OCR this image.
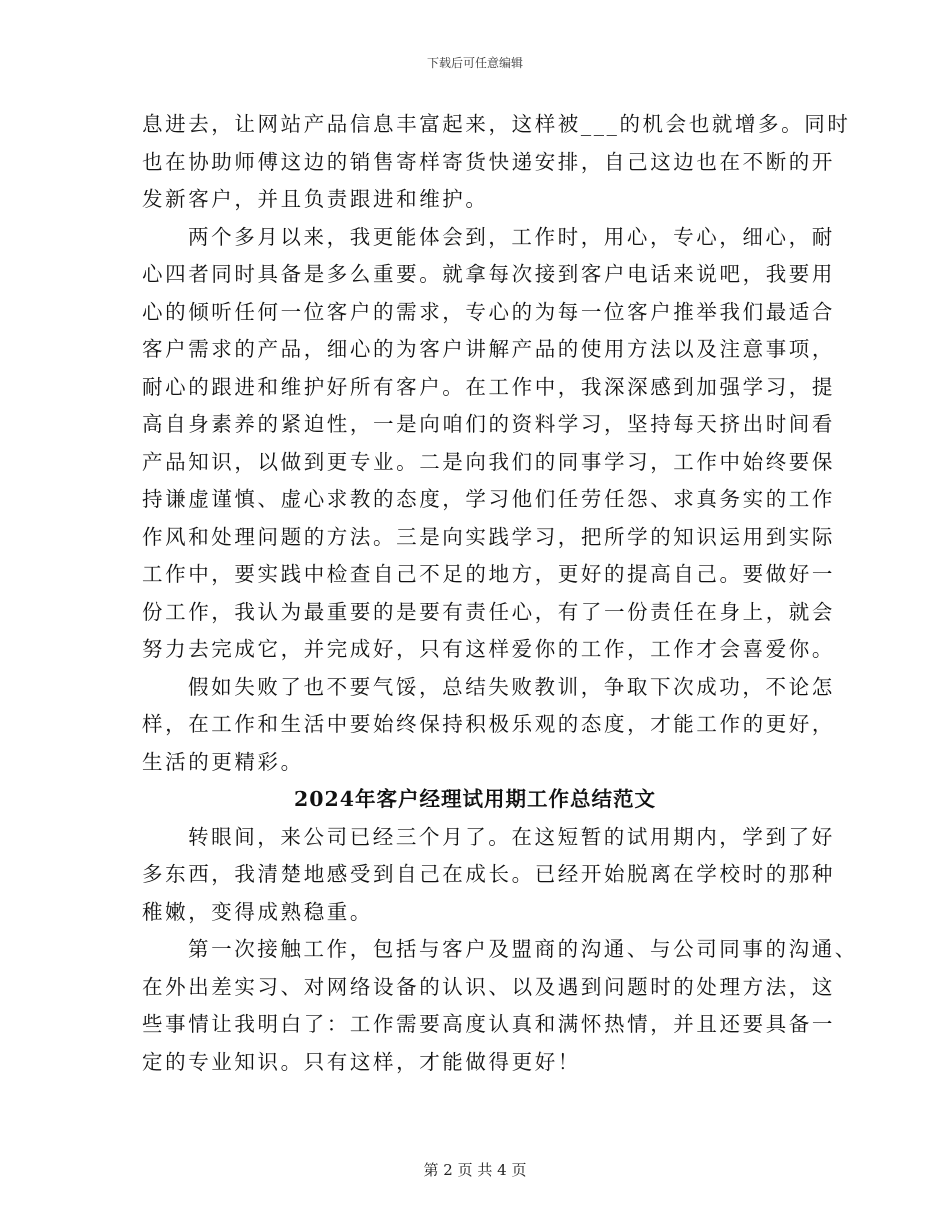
下载后可任意编辑
息进去，让网站产品信息丰富起来，这样被___的机会也就增多。同时
也在协助师傅这边的销售寄样寄货快递安排，自己这边也在不断的开
发新客户，并且负责跟进和维护。
两个多月以来，我更能体会到，工作时，用心，专心，细心，耐
心四者同时具备是多么重要。就拿每次接到客户电话来说吧，我要用
心的倾听任何一位客户的需求，专心的为每一位客户推举我们最适合
客户需求的产品，细心的为客户讲解产品的使用方法以及注意事项，
耐心的跟进和维护好所有客户。在工作中，我深深感到加强学习，提
高自身素养的紧迫性，一是向咱们的资料学习，坚持每天挤出时间看
产品知识，以做到更专业。二是向我们的同事学习，工作中始终要保
持谦虚谨慎、虚心求教的态度，学习他们任劳任怨、求真务实的工作
作风和处理问题的方法。三是向实践学习，把所学的知识运用到实际
工作中，要实践中检查自己不足的地方，更好的提高自己。要做好一
份工作，我认为最重要的是要有责任心，有了一份责任在身上，就会
努力去完成它，并完成好，只有这样爱你的工作，工作才会喜爱你。
假如失败了也不要气馁，总结失败教训，争取下次成功，不论怎
样，在工作和生活中要始终保持积极乐观的态度，才能工作的更好，
生活的更精彩。
2024年客户经理试用期工作总结范文
转眼间，来公司已经三个月了。在这短暂的试用期内，学到了好
多东西，我清楚地感受到自己在成长。已经开始脱离在学校时的那种
稚嫩，变得成熟稳重。
第一次接触工作，包括与客户及盟商的沟通、与公司同事的沟通、
在外出差实习、对网络设备的认识、以及遇到问题时的处理方法，这
些事情让我明白了：工作需要高度认真和满怀热情，并且还要具备一
定的专业知识。只有这样，才能做得更好！
第 2 页 共 4 页
